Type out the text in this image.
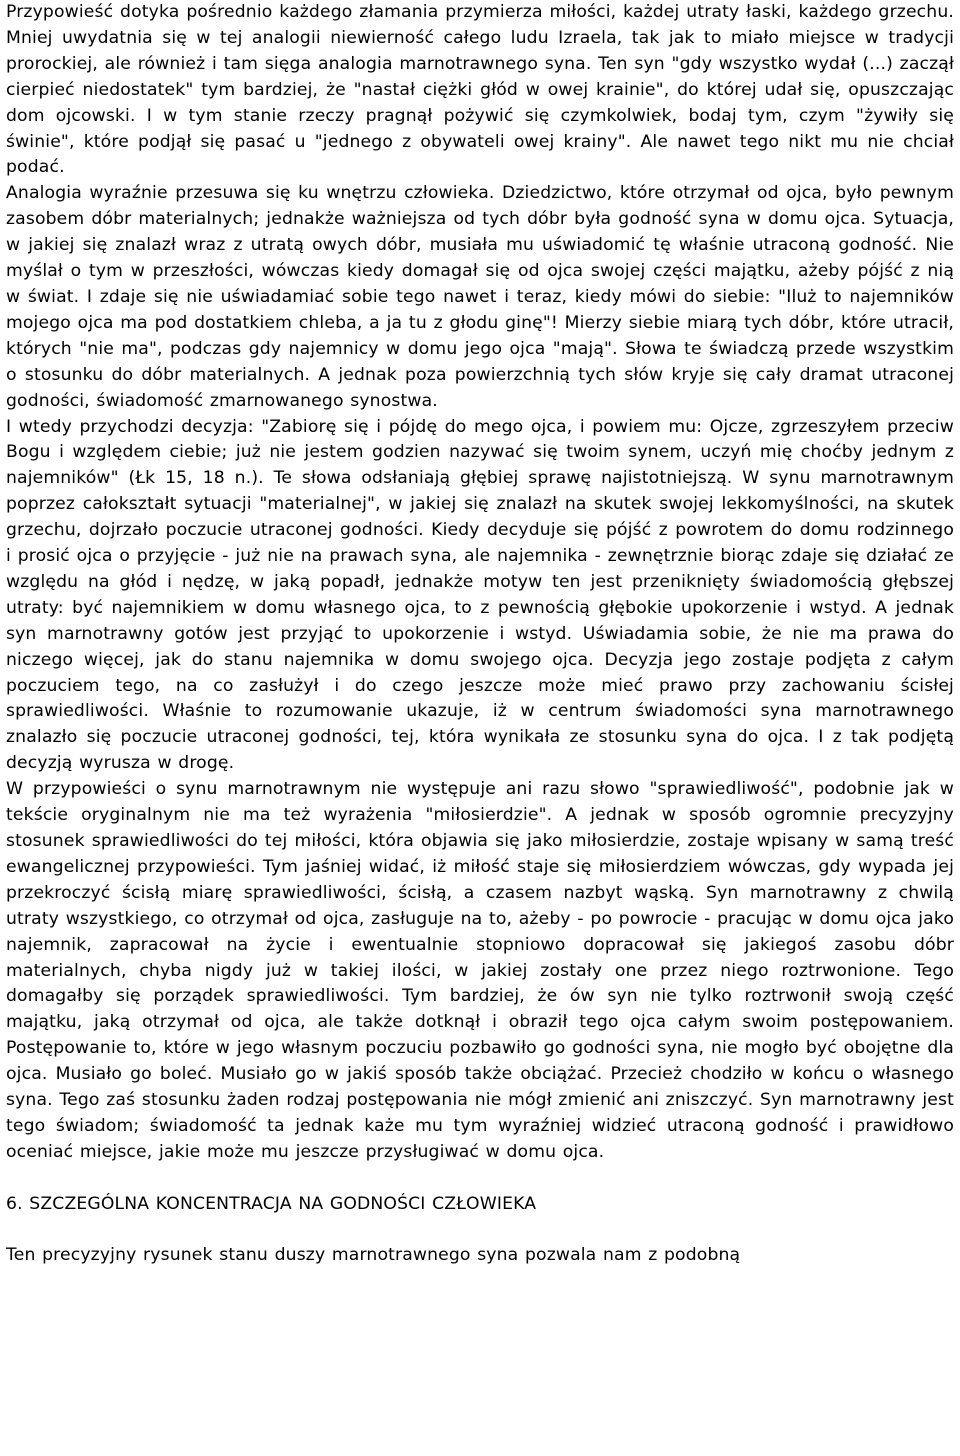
Przypowieść dotyka pośrednio każdego złamania przymierza miłości, każdej utraty łaski, każdego grzechu. Mniej uwydatnia się w tej analogii niewierność całego ludu Izraela, tak jak to miało miejsce w tradycji prorockiej, ale również i tam sięga analogia marnotrawnego syna. Ten syn "gdy wszystko wydał (...) zaczął cierpieć niedostatek" tym bardziej, że "nastał ciężki głód w owej krainie", do której udał się, opuszczając dom ojcowski. I w tym stanie rzeczy pragnął pożywić się czymkolwiek, bodaj tym, czym "żywiły się świnie", które podjął się pasać u "jednego z obywateli owej krainy". Ale nawet tego nikt mu nie chciał podać.

Analogia wyraźnie przesuwa się ku wnętrzu człowieka. Dziedzictwo, które otrzymał od ojca, było pewnym zasobem dóbr materialnych; jednakże ważniejsza od tych dóbr była godność syna w domu ojca. Sytuacja, w jakiej się znalazł wraz z utratą owych dóbr, musiała mu uświadomić tę właśnie utraconą godność. Nie myślał o tym w przeszłości, wówczas kiedy domagał się od ojca swojej części majątku, ażeby pójść z nią w świat. I zdaje się nie uświadamiać sobie tego nawet i teraz, kiedy mówi do siebie: "Iluż to najemników mojego ojca ma pod dostatkiem chleba, a ja tu z głodu ginę"! Mierzy siebie miarą tych dóbr, które utracił, których "nie ma", podczas gdy najemnicy w domu jego ojca "mają". Słowa te świadczą przede wszystkim o stosunku do dóbr materialnych. A jednak poza powierzchnią tych słów kryje się cały dramat utraconej godności, świadomość zmarnowanego synostwa.

I wtedy przychodzi decyzja: "Zabiorę się i pójdę do mego ojca, i powiem mu: Ojcze, zgrzeszyłem przeciw Bogu i względem ciebie; już nie jestem godzien nazywać się twoim synem, uczyń mię choćby jednym z najemników" (Łk 15, 18 n.). Te słowa odsłaniają głębiej sprawę najistotniejszą. W synu marnotrawnym poprzez całokształt sytuacji "materialnej", w jakiej się znalazł na skutek swojej lekkomyślności, na skutek grzechu, dojrzało poczucie utraconej godności. Kiedy decyduje się pójść z powrotem do domu rodzinnego i prosić ojca o przyjęcie - już nie na prawach syna, ale najemnika - zewnętrznie biorąc zdaje się działać ze względu na głód i nędzę, w jaką popadł, jednakże motyw ten jest przeniknięty świadomością głębszej utraty: być najemnikiem w domu własnego ojca, to z pewnością głębokie upokorzenie i wstyd. A jednak syn marnotrawny gotów jest przyjąć to upokorzenie i wstyd. Uświadamia sobie, że nie ma prawa do niczego więcej, jak do stanu najemnika w domu swojego ojca. Decyzja jego zostaje podjęta z całym poczuciem tego, na co zasłużył i do czego jeszcze może mieć prawo przy zachowaniu ścisłej sprawiedliwości. Właśnie to rozumowanie ukazuje, iż w centrum świadomości syna marnotrawnego znalazło się poczucie utraconej godności, tej, która wynikała ze stosunku syna do ojca. I z tak podjętą decyzją wyrusza w drogę.

W przypowieści o synu marnotrawnym nie występuje ani razu słowo "sprawiedliwość", podobnie jak w tekście oryginalnym nie ma też wyrażenia "miłosierdzie". A jednak w sposób ogromnie precyzyjny stosunek sprawiedliwości do tej miłości, która objawia się jako miłosierdzie, zostaje wpisany w samą treść ewangelicznej przypowieści. Tym jaśniej widać, iż miłość staje się miłosierdziem wówczas, gdy wypada jej przekroczyć ścisłą miarę sprawiedliwości, ścisłą, a czasem nazbyt wąską. Syn marnotrawny z chwilą utraty wszystkiego, co otrzymał od ojca, zasługuje na to, ażeby - po powrocie - pracując w domu ojca jako najemnik, zapracował na życie i ewentualnie stopniowo dopracował się jakiegoś zasobu dóbr materialnych, chyba nigdy już w takiej ilości, w jakiej zostały one przez niego roztrwonione. Tego domagałby się porządek sprawiedliwości. Tym bardziej, że ów syn nie tylko roztrwonił swoją część majątku, jaką otrzymał od ojca, ale także dotknął i obraził tego ojca całym swoim postępowaniem. Postępowanie to, które w jego własnym poczuciu pozbawiło go godności syna, nie mogło być obojętne dla ojca. Musiało go boleć. Musiało go w jakiś sposób także obciążać. Przecież chodziło w końcu o własnego syna. Tego zaś stosunku żaden rodzaj postępowania nie mógł zmienić ani zniszczyć. Syn marnotrawny jest tego świadom; świadomość ta jednak każe mu tym wyraźniej widzieć utraconą godność i prawidłowo oceniać miejsce, jakie może mu jeszcze przysługiwać w domu ojca.

6. SZCZEGÓLNA KONCENTRACJA NA GODNOŚCI CZŁOWIEKA

Ten precyzyjny rysunek stanu duszy marnotrawnego syna pozwala nam z podobną
